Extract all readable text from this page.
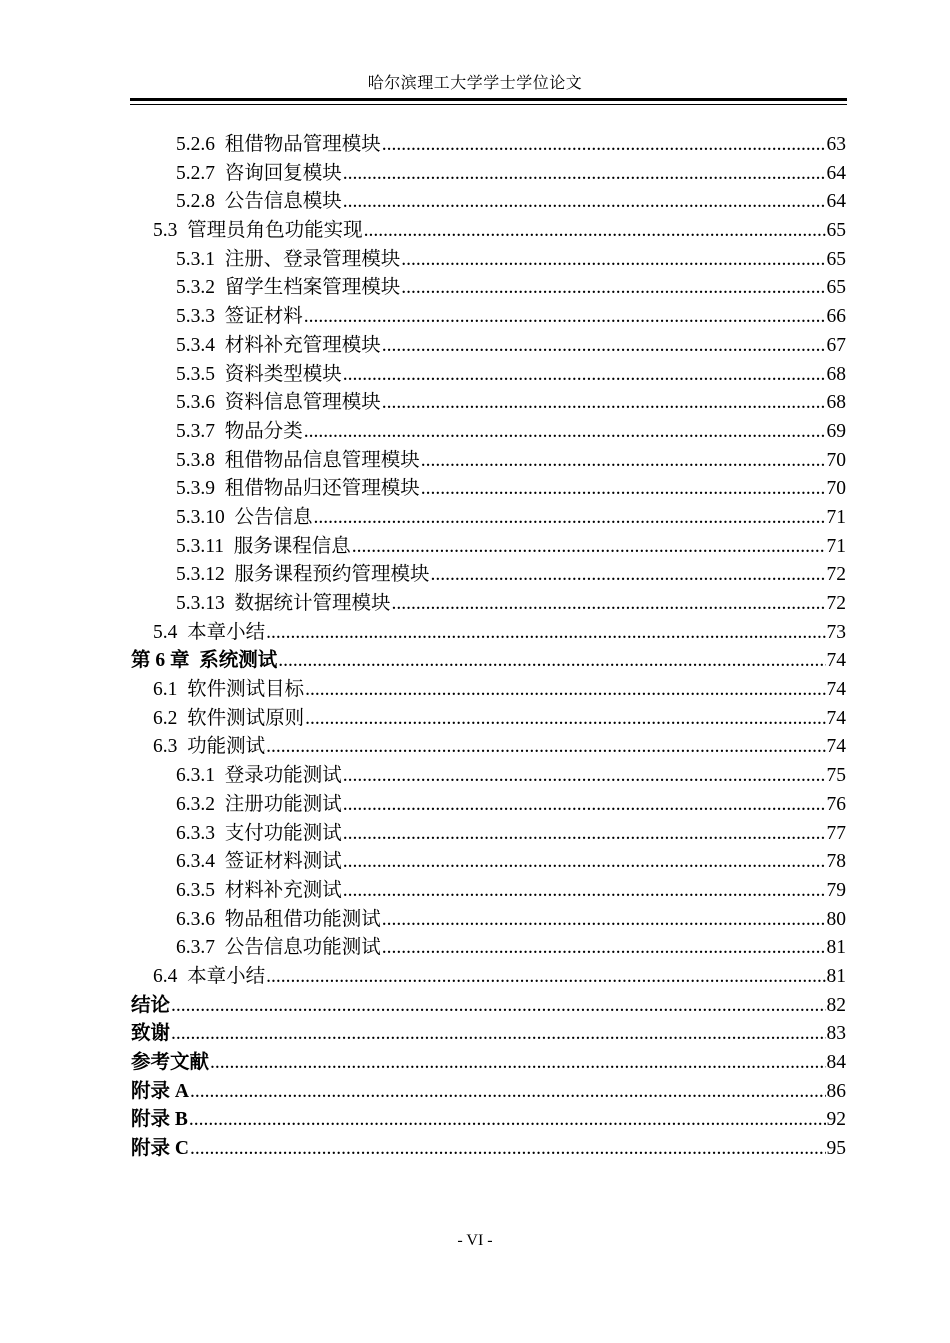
哈尔滨理工大学学士学位论文
5.2.6  租借物品管理模块 .....	63
5.2.7  咨询回复模块 .....	64
5.2.8  公告信息模块 .....	64
5.3  管理员角色功能实现 .....	65
5.3.1  注册、登录管理模块 .....	65
5.3.2  留学生档案管理模块 .....	65
5.3.3  签证材料 .....	66
5.3.4  材料补充管理模块 .....	67
5.3.5  资料类型模块 .....	68
5.3.6  资料信息管理模块 .....	68
5.3.7  物品分类 .....	69
5.3.8  租借物品信息管理模块 .....	70
5.3.9  租借物品归还管理模块 .....	70
5.3.10  公告信息 .....	71
5.3.11  服务课程信息 .....	71
5.3.12  服务课程预约管理模块 .....	72
5.3.13  数据统计管理模块 .....	72
5.4  本章小结 .....	73
第 6 章  系统测试 .....	74
6.1  软件测试目标 .....	74
6.2  软件测试原则 .....	74
6.3  功能测试 .....	74
6.3.1  登录功能测试 .....	75
6.3.2  注册功能测试 .....	76
6.3.3  支付功能测试 .....	77
6.3.4  签证材料测试 .....	78
6.3.5  材料补充测试 .....	79
6.3.6  物品租借功能测试 .....	80
6.3.7  公告信息功能测试 .....	81
6.4  本章小结 .....	81
结论 .....	82
致谢 .....	83
参考文献 .....	84
附录 A .....	86
附录 B .....	92
附录 C .....	95
- VI -
